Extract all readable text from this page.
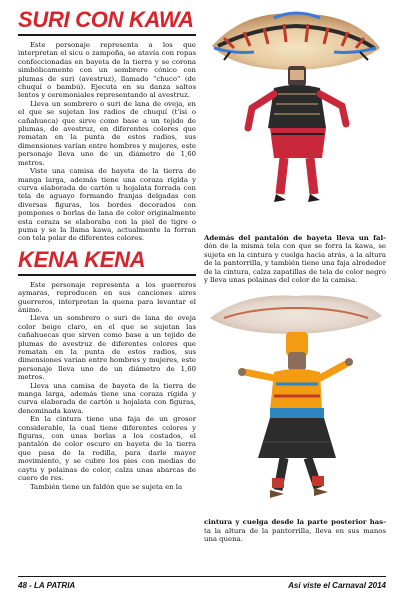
SURI CON KAWA

Este personaje representa a los que interpretan el sicu o zampoña, se atavía con ropas confeccionadas en bayeta de la tierra y se corona simbólicamente con un sombrero cónico con plumas de suri (avestruz), llamado "chuco" (de chuquí o bambú). Ejecuta en su danza saltos lentos y ceremoniales representando al avestruz.

Lleva un sombrero o suri de lana de oveja, en el que se sujetan los radios de chuquí (t'isi o cañahueca) que sirve como base a un tejido de plumas, de avestruz, en diferentes colores que rematan en la punta de estos radios, sus dimensiones varían entre hombres y mujeres, este personaje lleva uno de un diámetro de 1,60 metros.

Viste una camisa de bayeta de la tierra de manga larga, además tiene una coraza rígida y curva elaborada de cartón u hojalata forrada con tela de aguayo formando franjas delgadas con diversas figuras, los bordes decorados con pompones o borlas de lana de color originalmente esta coraza se elaboraba con la piel de tigre o puma y se la llama kawa, actualmente la forran con tela polar de diferentes colores.

KENA KENA

Este personaje representa a los guerreros aymaras, reproducen en sus canciones aires guerreros, interpretan la quena para levantar el ánimo.

Lleva un sombrero o suri de lana de oveja color beige claro, en el que se sujetan las cañahuecas que sirven como base a un tejido de plumas de avestruz de diferentes colores que rematan en la punta de estos radios, sus dimensiones varían entre hombres y mujeres, este personaje lleva uno de un diámetro de 1,60 metros.

Lleva una camisa de bayeta de la tierra de manga larga, además tiene una coraza rígida y curva elaborada de cartón u hojalata con figuras, denominada kawa.

En la cintura tiene una faja de un grosor considerable, la cual tiene diferentes colores y figuras, con unas borlas a los costados, el pantalón de color oscuro en bayeta de la tierra que pasa de la rodilla, para darle mayor movimiento, y se cubre los pies con medias de caytu y polainas de color, calza unas abarcas de cuero de res.

También tiene un faldón que se sujeta en la

Además del pantalón de bayeta lleva un fal- dón de la misma tela con que se forra la kawa, se sujeta en la cintura y cuelga hacia atrás, a la altura de la pantorrilla, y también tiene una faja alrededor de la cintura, calza zapatillas de tela de color negro y lleva unas polainas del color de la camisa.

cintura y cuelga desde la parte posterior has- ta la altura de la pantorrilla, lleva en sus manos una quena.

48 - LA PATRIA	Así viste el Carnaval 2014
